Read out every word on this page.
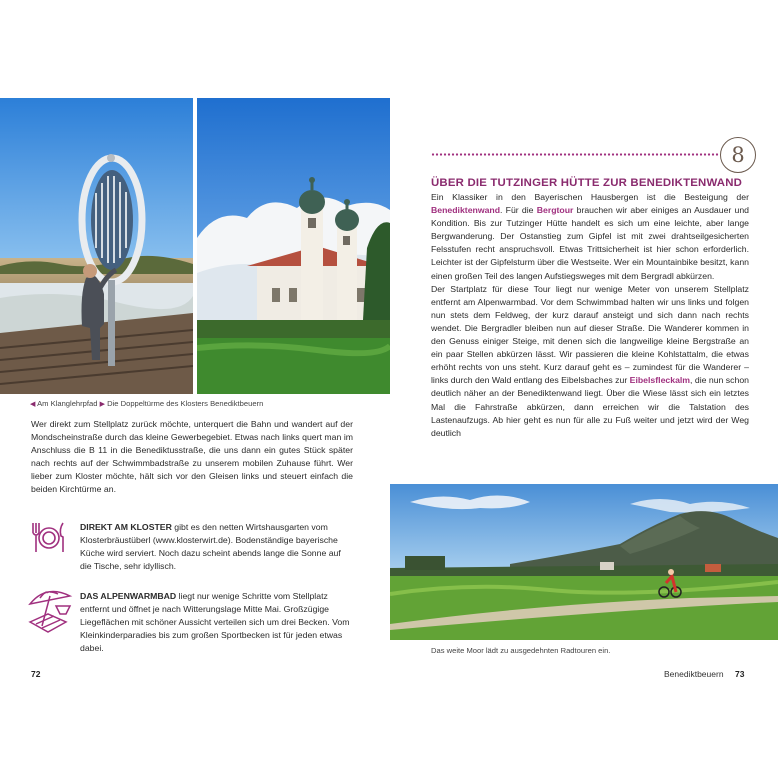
◀ Am Klanglehrpfad ▶ Die Doppeltürme des Klosters Benediktbeuern

Wer direkt zum Stellplatz zurück möchte, unterquert die Bahn und wandert auf der Mondscheinstraße durch das kleine Gewerbegebiet. Etwas nach links quert man im Anschluss die B 11 in die Benediktusstraße, die uns dann ein gutes Stück später nach rechts auf der Schwimmbadstraße zu unserem mobilen Zuhause führt. Wer lieber zum Kloster möchte, hält sich vor den Gleisen links und steuert einfach die beiden Kirchtürme an.

DIREKT AM KLOSTER gibt es den netten Wirtshausgarten vom Klosterbräustüberl (www.klosterwirt.de). Bodenständige bayerische Küche wird serviert. Noch dazu scheint abends lange die Sonne auf die Tische, sehr idyllisch.

DAS ALPENWARMBAD liegt nur wenige Schritte vom Stellplatz entfernt und öffnet je nach Witterungslage Mitte Mai. Großzügige Liegeflächen mit schöner Aussicht verteilen sich um drei Becken. Vom Kleinkinderparadies bis zum großen Sportbecken ist für jeden etwas dabei.

72
8
ÜBER DIE TUTZINGER HÜTTE ZUR BENEDIKTENWAND

Ein Klassiker in den Bayerischen Hausbergen ist die Besteigung der Benediktenwand. Für die Bergtour brauchen wir aber einiges an Ausdauer und Kondition. Bis zur Tutzinger Hütte handelt es sich um eine leichte, aber lange Bergwanderung. Der Ostanstieg zum Gipfel ist mit zwei drahtseilgesicherten Felsstufen recht anspruchsvoll. Etwas Trittsicherheit ist hier schon erforderlich. Leichter ist der Gipfelsturm über die Westseite. Wer ein Mountainbike besitzt, kann einen großen Teil des langen Aufstiegsweges mit dem Bergradl abkürzen.

Der Startplatz für diese Tour liegt nur wenige Meter von unserem Stellplatz entfernt am Alpenwarmbad. Vor dem Schwimmbad halten wir uns links und folgen nun stets dem Feldweg, der kurz darauf ansteigt und sich dann nach rechts wendet. Die Bergradler bleiben nun auf dieser Straße. Die Wanderer kommen in den Genuss einiger Steige, mit denen sich die langweilige kleine Bergstraße an ein paar Stellen abkürzen lässt. Wir passieren die kleine Kohlstattalm, die etwas erhöht rechts von uns steht. Kurz darauf geht es – zumindest für die Wanderer – links durch den Wald entlang des Eibelsbaches zur Eibelsfleckalm, die nun schon deutlich näher an der Benediktenwand liegt. Über die Wiese lässt sich ein letztes Mal die Fahrstraße abkürzen, dann erreichen wir die Talstation des Lastenaufzugs. Ab hier geht es nun für alle zu Fuß weiter und jetzt wird der Weg deutlich

Das weite Moor lädt zu ausgedehnten Radtouren ein.
Benediktbeuern 73
